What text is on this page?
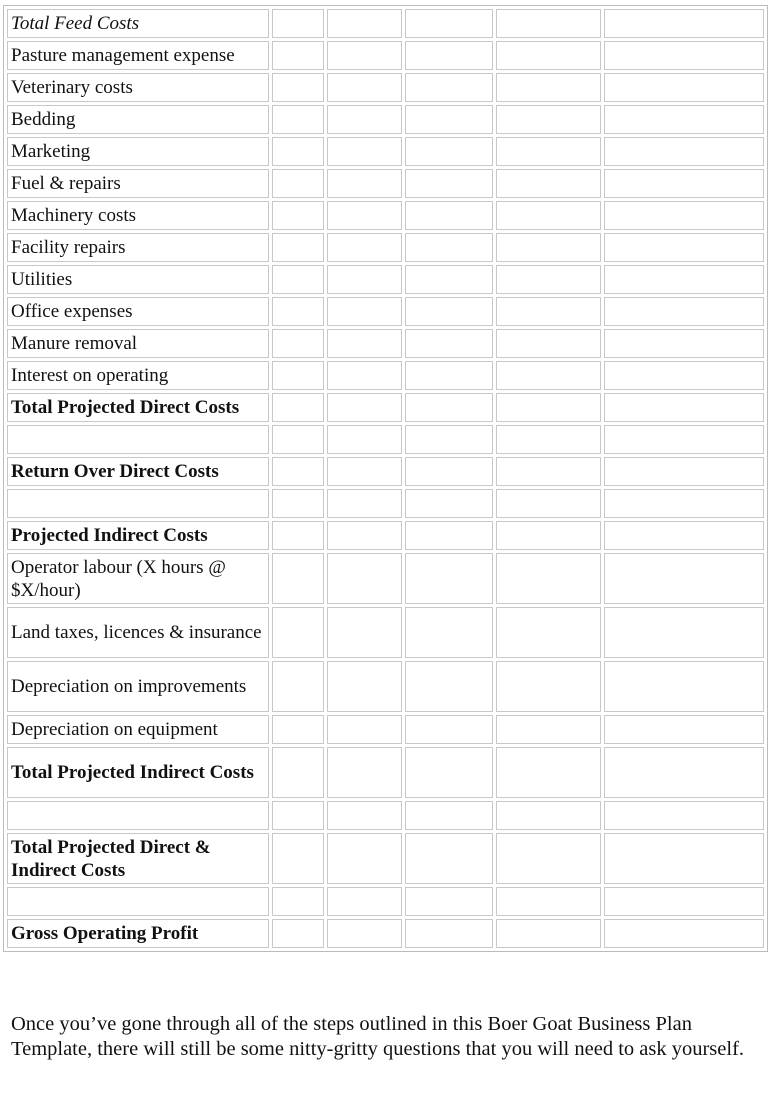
Total Feed Costs					
Pasture management expense					
Veterinary costs					
Bedding					
Marketing					
Fuel & repairs					
Machinery costs					
Facility repairs					
Utilities					
Office expenses					
Manure removal					
Interest on operating					
Total Projected Direct Costs					

Return Over Direct Costs					

Projected Indirect Costs					
Operator labour (X hours @ $X/hour)					
Land taxes, licences & insurance					
Depreciation on improvements					
Depreciation on equipment					
Total Projected Indirect Costs					

Total Projected Direct & Indirect Costs					

Gross Operating Profit					
Once you’ve gone through all of the steps outlined in this Boer Goat Business Plan Template, there will still be some nitty-gritty questions that you will need to ask yourself.
